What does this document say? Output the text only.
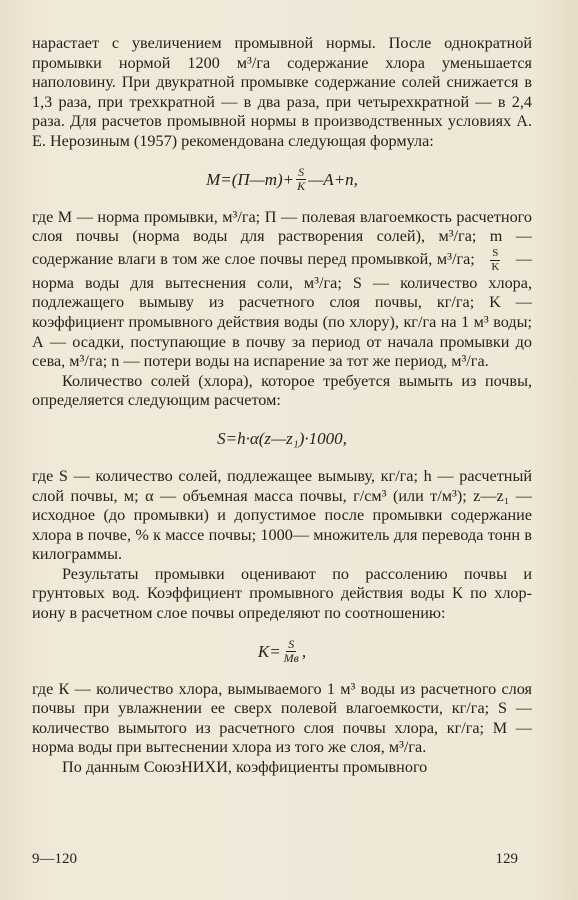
нарастает с увеличением промывной нормы. После однократной промывки нормой 1200 м³/га содержание хлора уменьшается наполовину. При двукратной промывке содержание солей снижается в 1,3 раза, при трехкратной — в два раза, при четырехкратной — в 2,4 раза. Для расчетов промывной нормы в производственных условиях А. Е. Нерозиным (1957) рекомендована следующая формула:

M=(П—m)+ $\frac{S}{K}$ —A+n,

где М — норма промывки, м³/га; П — полевая влагоемкость расчетного слоя почвы (норма воды для растворения солей), м³/га; m — содержание влаги в том же слое почвы перед промывкой, м³/га; $\frac{S}{K}$ — норма воды для вытеснения соли, м³/га; S — количество хлора, подлежащего вымыву из расчетного слоя почвы, кг/га; K — коэффициент промывного действия воды (по хлору), кг/га на 1 м³ воды; А — осадки, поступающие в почву за период от начала промывки до сева, м³/га; n — потери воды на испарение за тот же период, м³/га.

Количество солей (хлора), которое требуется вымыть из почвы, определяется следующим расчетом:

S=h·α(z—z₁)·1000,

где S — количество солей, подлежащее вымыву, кг/га; h — расчетный слой почвы, м; α — объемная масса почвы, г/см³ (или т/м³); z—z₁ — исходное (до промывки) и допустимое после промывки содержание хлора в почве, % к массе почвы; 1000— множитель для перевода тонн в килограммы.

Результаты промывки оценивают по рассолению почвы и грунтовых вод. Коэффициент промывного действия воды К по хлор-иону в расчетном слое почвы определяют по соотношению:

$K= \frac{S}{Mв}$ ,

где К — количество хлора, вымываемого 1 м³ воды из расчетного слоя почвы при увлажнении ее сверх полевой влагоемкости, кг/га; S — количество вымытого из расчетного слоя почвы хлора, кг/га; М — норма воды при вытеснении хлора из того же слоя, м³/га.

По данным СоюзНИХИ, коэффициенты промывного

9—120	129
